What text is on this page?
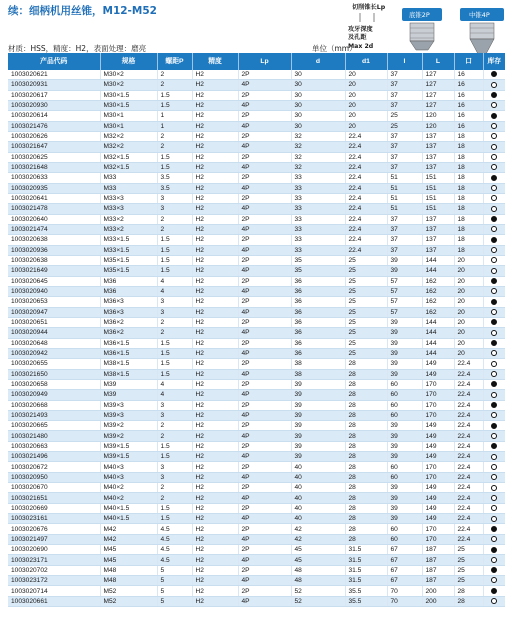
续：细柄机用丝锥，M12-M52	切削锥长Lp
攻牙深度
及孔距
Max 2d
底锥2P	中锥4P
材质：HSS，精度：H2，表面处理：磨亮	单位（mm）
产品代码	规格	螺距P	精度	Lp	d	d1	l	L	口	库存
1003020621	M30×2	2	H2	2P	30	20	37	127	16	
1003020931	M30×2	2	H2	4P	30	20	37	127	16	
1003020617	M30×1.5	1.5	H2	2P	30	20	37	127	16	
1003020930	M30×1.5	1.5	H2	4P	30	20	37	127	16	
1003020614	M30×1	1	H2	2P	30	20	25	120	16	
1003021476	M30×1	1	H2	4P	30	20	25	120	16	
1003020626	M32×2	2	H2	2P	32	22.4	37	137	18	
1003021647	M32×2	2	H2	4P	32	22.4	37	137	18	
1003020625	M32×1.5	1.5	H2	2P	32	22.4	37	137	18	
1003021648	M32×1.5	1.5	H2	4P	32	22.4	37	137	18	
1003020633	M33	3.5	H2	2P	33	22.4	51	151	18	
1003020935	M33	3.5	H2	4P	33	22.4	51	151	18	
1003020641	M33×3	3	H2	2P	33	22.4	51	151	18	
1003021478	M33×3	3	H2	4P	33	22.4	51	151	18	
1003020640	M33×2	2	H2	2P	33	22.4	37	137	18	
1003021474	M33×2	2	H2	4P	33	22.4	37	137	18	
1003020638	M33×1.5	1.5	H2	2P	33	22.4	37	137	18	
1003020936	M33×1.5	1.5	H2	4P	33	22.4	37	137	18	
1003020638	M35×1.5	1.5	H2	2P	35	25	39	144	20	
1003021649	M35×1.5	1.5	H2	4P	35	25	39	144	20	
1003020645	M36	4	H2	2P	36	25	57	162	20	
1003020940	M36	4	H2	4P	36	25	57	162	20	
1003020653	M36×3	3	H2	2P	36	25	57	162	20	
1003020947	M36×3	3	H2	4P	36	25	57	162	20	
1003020651	M36×2	2	H2	2P	36	25	39	144	20	
1003020944	M36×2	2	H2	4P	36	25	39	144	20	
1003020648	M36×1.5	1.5	H2	2P	36	25	39	144	20	
1003020942	M36×1.5	1.5	H2	4P	36	25	39	144	20	
1003020655	M38×1.5	1.5	H2	2P	38	28	39	149	22.4	
1003021650	M38×1.5	1.5	H2	4P	38	28	39	149	22.4	
1003020658	M39	4	H2	2P	39	28	60	170	22.4	
1003020949	M39	4	H2	4P	39	28	60	170	22.4	
1003020668	M39×3	3	H2	2P	39	28	60	170	22.4	
1003021493	M39×3	3	H2	4P	39	28	60	170	22.4	
1003020665	M39×2	2	H2	2P	39	28	39	149	22.4	
1003021480	M39×2	2	H2	4P	39	28	39	149	22.4	
1003020663	M39×1.5	1.5	H2	2P	39	28	39	149	22.4	
1003021496	M39×1.5	1.5	H2	4P	39	28	39	149	22.4	
1003020672	M40×3	3	H2	2P	40	28	60	170	22.4	
1003020950	M40×3	3	H2	4P	40	28	60	170	22.4	
1003020670	M40×2	2	H2	2P	40	28	39	149	22.4	
1003021651	M40×2	2	H2	4P	40	28	39	149	22.4	
1003020669	M40×1.5	1.5	H2	2P	40	28	39	149	22.4	
1003023161	M40×1.5	1.5	H2	4P	40	28	39	149	22.4	
1003020676	M42	4.5	H2	2P	42	28	60	170	22.4	
1003021497	M42	4.5	H2	4P	42	28	60	170	22.4	
1003020690	M45	4.5	H2	2P	45	31.5	67	187	25	
1003023171	M45	4.5	H2	4P	45	31.5	67	187	25	
1003020702	M48	5	H2	2P	48	31.5	67	187	25	
1003023172	M48	5	H2	4P	48	31.5	67	187	25	
1003020714	M52	5	H2	2P	52	35.5	70	200	28	
1003020661	M52	5	H2	4P	52	35.5	70	200	28	
